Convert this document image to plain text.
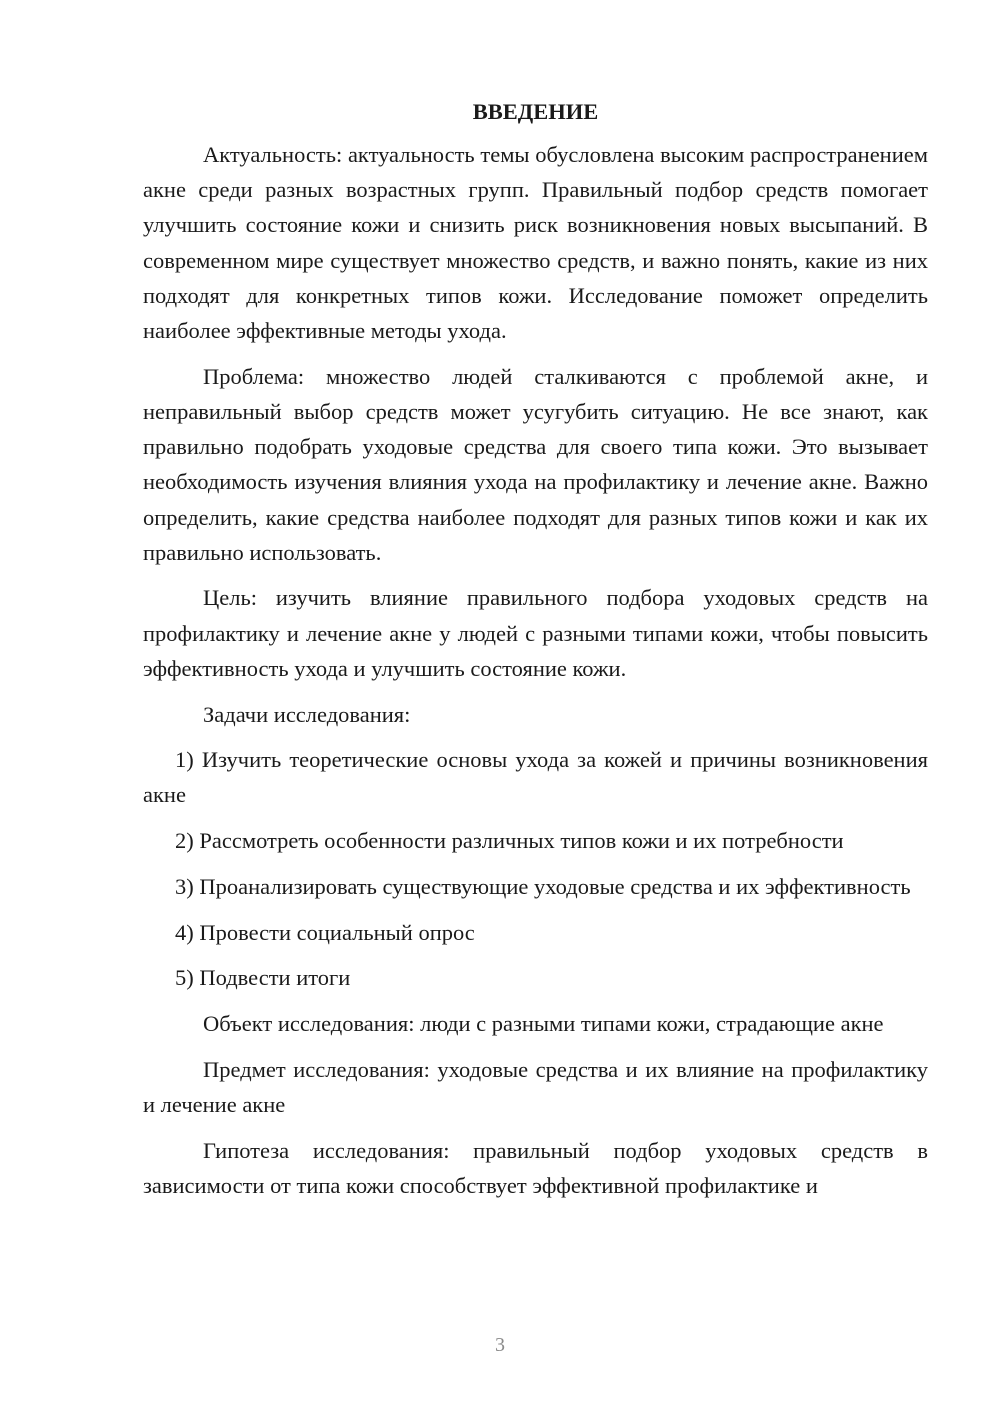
ВВЕДЕНИЕ

Актуальность: актуальность темы обусловлена высоким распространением акне среди разных возрастных групп. Правильный подбор средств помогает улучшить состояние кожи и снизить риск возникновения новых высыпаний. В современном мире существует множество средств, и важно понять, какие из них подходят для конкретных типов кожи. Исследование поможет определить наиболее эффективные методы ухода.

Проблема: множество людей сталкиваются с проблемой акне, и неправильный выбор средств может усугубить ситуацию. Не все знают, как правильно подобрать уходовые средства для своего типа кожи. Это вызывает необходимость изучения влияния ухода на профилактику и лечение акне. Важно определить, какие средства наиболее подходят для разных типов кожи и как их правильно использовать.

Цель: изучить влияние правильного подбора уходовых средств на профилактику и лечение акне у людей с разными типами кожи, чтобы повысить эффективность ухода и улучшить состояние кожи.

Задачи исследования:

1) Изучить теоретические основы ухода за кожей и причины возникновения акне

2) Рассмотреть особенности различных типов кожи и их потребности

3) Проанализировать существующие уходовые средства и их эффективность

4) Провести социальный опрос

5) Подвести итоги

Объект исследования: люди с разными типами кожи, страдающие акне

Предмет исследования: уходовые средства и их влияние на профилактику и лечение акне

Гипотеза исследования: правильный подбор уходовых средств в зависимости от типа кожи способствует эффективной профилактике и

3
